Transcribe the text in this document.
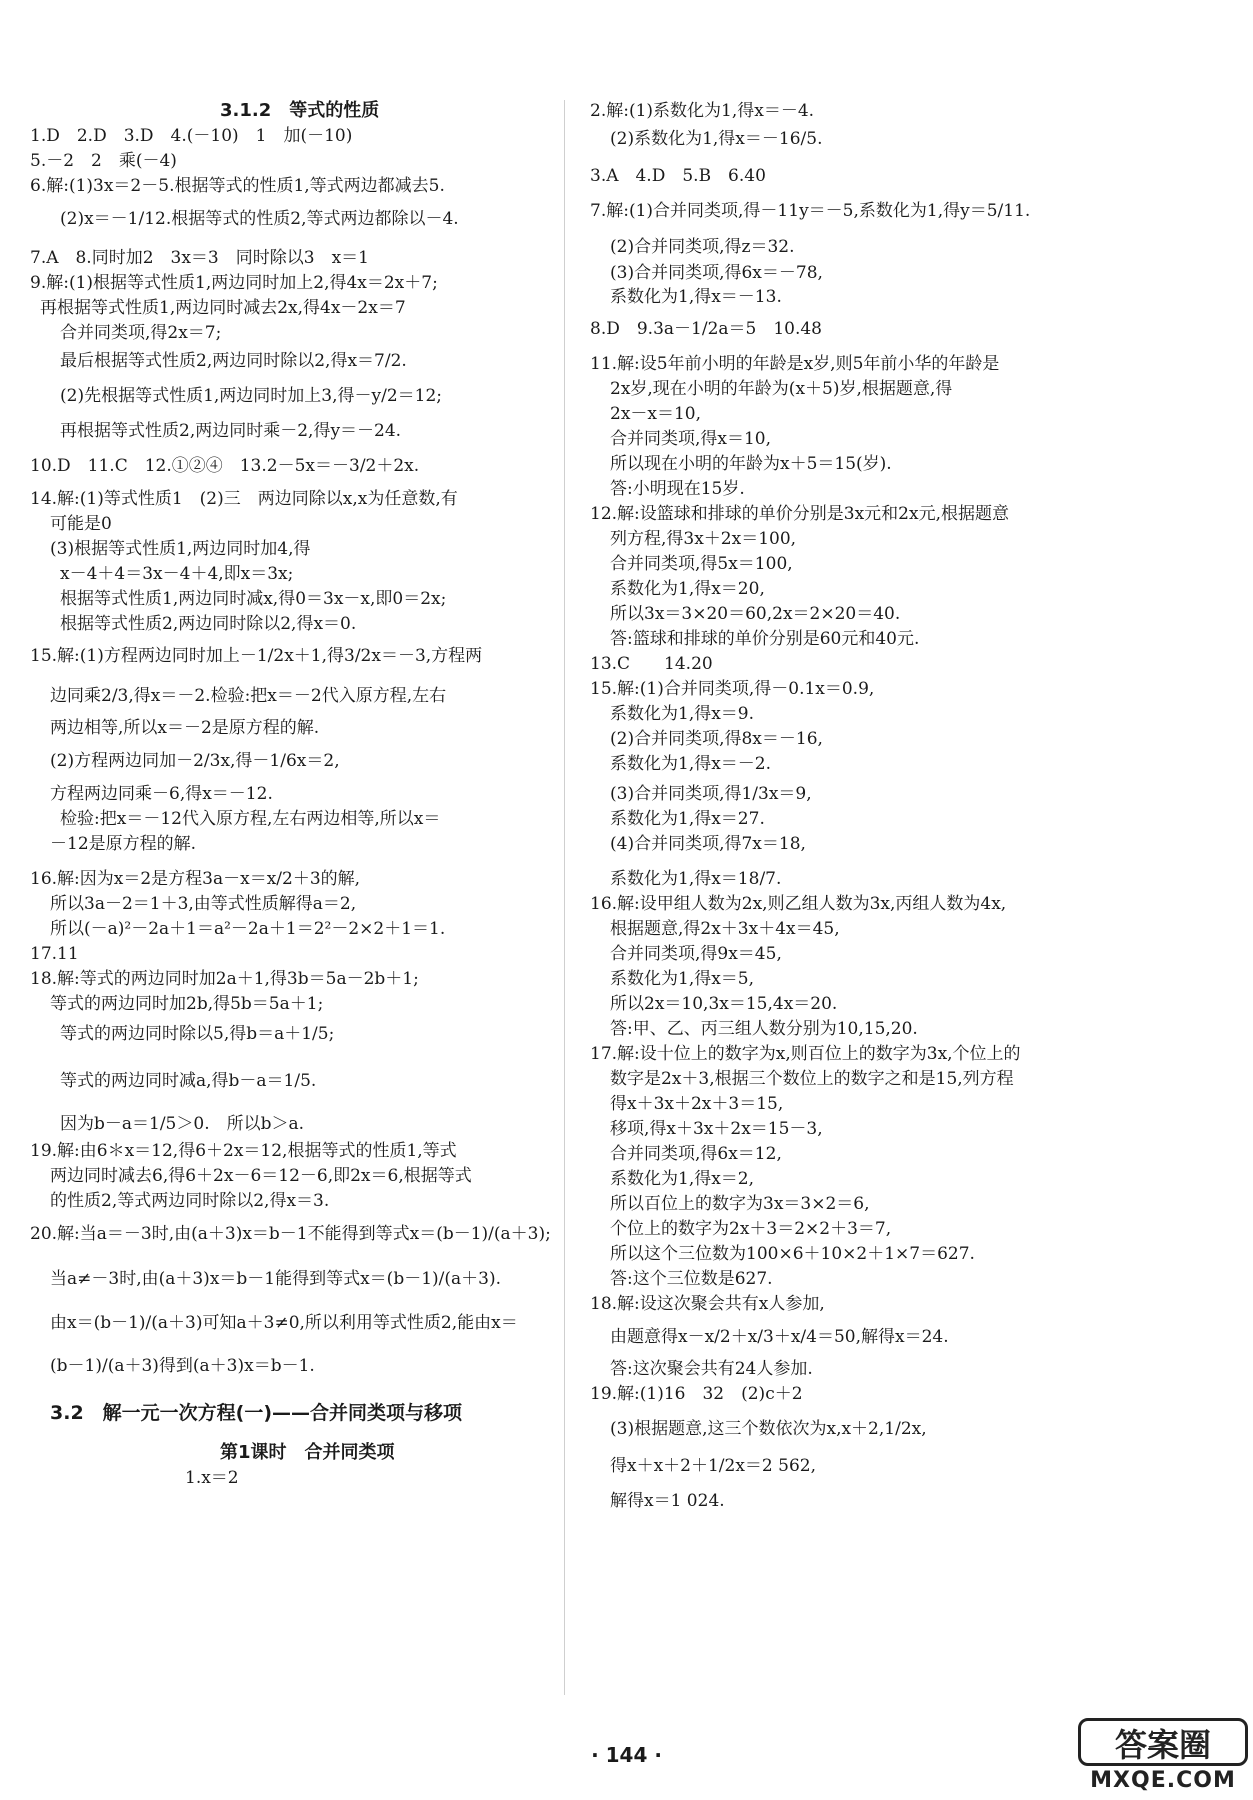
3.1.2　等式的性质
1.D　2.D　3.D　4.(－10)　1　加(－10)
5.－2　2　乘(－4)
6.解:(1)3x＝2－5.根据等式的性质1,等式两边都减去5.
(2)x＝－1/12.根据等式的性质2,等式两边都除以－4.
7.A　8.同时加2　3x＝3　同时除以3　x＝1
9.解:(1)根据等式性质1,两边同时加上2,得4x＝2x＋7;
再根据等式性质1,两边同时减去2x,得4x－2x＝7
合并同类项,得2x＝7;
最后根据等式性质2,两边同时除以2,得x＝7/2.
(2)先根据等式性质1,两边同时加上3,得－y/2＝12;
再根据等式性质2,两边同时乘－2,得y＝－24.
10.D　11.C　12.①②④　13.2－5x＝－3/2＋2x.
14.解:(1)等式性质1　(2)三　两边同除以x,x为任意数,有
可能是0
(3)根据等式性质1,两边同时加4,得
x－4＋4＝3x－4＋4,即x＝3x;
根据等式性质1,两边同时减x,得0＝3x－x,即0＝2x;
根据等式性质2,两边同时除以2,得x＝0.
15.解:(1)方程两边同时加上－1/2x＋1,得3/2x＝－3,方程两
边同乘2/3,得x＝－2.检验:把x＝－2代入原方程,左右
两边相等,所以x＝－2是原方程的解.
(2)方程两边同加－2/3x,得－1/6x＝2,
方程两边同乘－6,得x＝－12.
检验:把x＝－12代入原方程,左右两边相等,所以x＝
－12是原方程的解.
16.解:因为x＝2是方程3a－x＝x/2＋3的解,
所以3a－2＝1＋3,由等式性质解得a＝2,
所以(－a)²－2a＋1＝a²－2a＋1＝2²－2×2＋1＝1.
17.11
18.解:等式的两边同时加2a＋1,得3b＝5a－2b＋1;
等式的两边同时加2b,得5b＝5a＋1;
等式的两边同时除以5,得b＝a＋1/5;
等式的两边同时减a,得b－a＝1/5.
因为b－a＝1/5＞0.　所以b＞a.
19.解:由6＊x＝12,得6＋2x＝12,根据等式的性质1,等式
两边同时减去6,得6＋2x－6＝12－6,即2x＝6,根据等式
的性质2,等式两边同时除以2,得x＝3.
20.解:当a＝－3时,由(a＋3)x＝b－1不能得到等式x＝(b－1)/(a＋3);
当a≠－3时,由(a＋3)x＝b－1能得到等式x＝(b－1)/(a＋3).
由x＝(b－1)/(a＋3)可知a＋3≠0,所以利用等式性质2,能由x＝
(b－1)/(a＋3)得到(a＋3)x＝b－1.
3.2　解一元一次方程(一)——合并同类项与移项
第1课时　合并同类项
1.x＝2
2.解:(1)系数化为1,得x＝－4.
(2)系数化为1,得x＝－16/5.
3.A　4.D　5.B　6.40
7.解:(1)合并同类项,得－11y＝－5,系数化为1,得y＝5/11.
(2)合并同类项,得z＝32.
(3)合并同类项,得6x＝－78,
系数化为1,得x＝－13.
8.D　9.3a－1/2a＝5　10.48
11.解:设5年前小明的年龄是x岁,则5年前小华的年龄是
2x岁,现在小明的年龄为(x＋5)岁,根据题意,得
2x－x＝10,
合并同类项,得x＝10,
所以现在小明的年龄为x＋5＝15(岁).
答:小明现在15岁.
12.解:设篮球和排球的单价分别是3x元和2x元,根据题意
列方程,得3x＋2x＝100,
合并同类项,得5x＝100,
系数化为1,得x＝20,
所以3x＝3×20＝60,2x＝2×20＝40.
答:篮球和排球的单价分别是60元和40元.
13.C　　14.20
15.解:(1)合并同类项,得－0.1x＝0.9,
系数化为1,得x＝9.
(2)合并同类项,得8x＝－16,
系数化为1,得x＝－2.
(3)合并同类项,得1/3x＝9,
系数化为1,得x＝27.
(4)合并同类项,得7x＝18,
系数化为1,得x＝18/7.
16.解:设甲组人数为2x,则乙组人数为3x,丙组人数为4x,
根据题意,得2x＋3x＋4x＝45,
合并同类项,得9x＝45,
系数化为1,得x＝5,
所以2x＝10,3x＝15,4x＝20.
答:甲、乙、丙三组人数分别为10,15,20.
17.解:设十位上的数字为x,则百位上的数字为3x,个位上的
数字是2x＋3,根据三个数位上的数字之和是15,列方程
得x＋3x＋2x＋3＝15,
移项,得x＋3x＋2x＝15－3,
合并同类项,得6x＝12,
系数化为1,得x＝2,
所以百位上的数字为3x＝3×2＝6,
个位上的数字为2x＋3＝2×2＋3＝7,
所以这个三位数为100×6＋10×2＋1×7＝627.
答:这个三位数是627.
18.解:设这次聚会共有x人参加,
由题意得x－x/2＋x/3＋x/4＝50,解得x＝24.
答:这次聚会共有24人参加.
19.解:(1)16　32　(2)c＋2
(3)根据题意,这三个数依次为x,x＋2,1/2x,
得x＋x＋2＋1/2x＝2 562,
解得x＝1 024.
· 144 ·	答案圈
MXQE.COM
